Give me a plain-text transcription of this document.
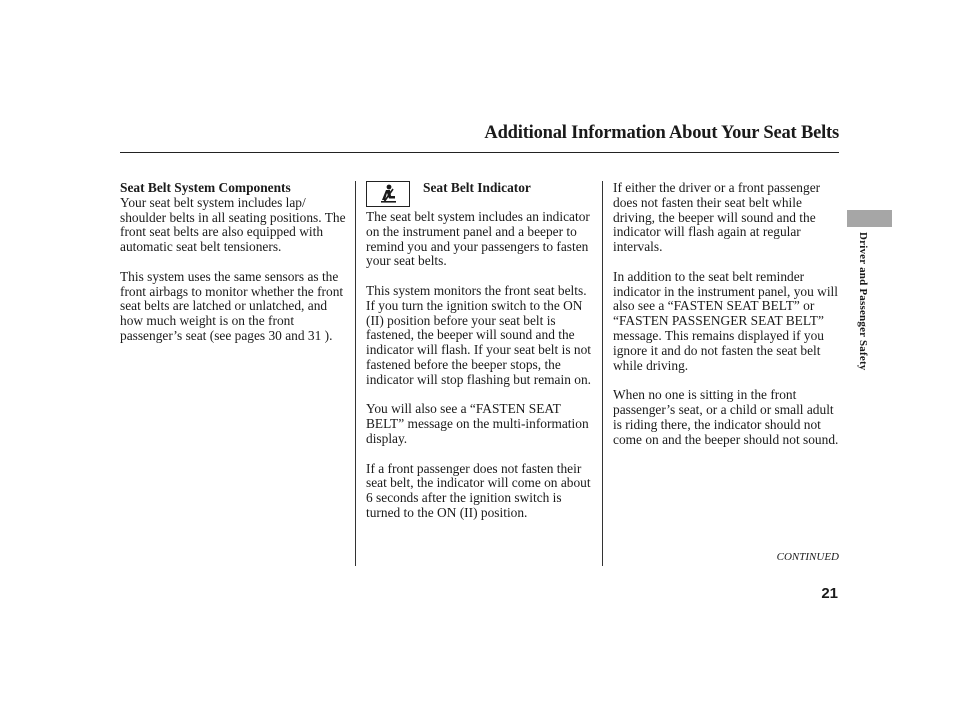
Additional Information About Your Seat Belts
Seat Belt System Components

Your seat belt system includes lap/ shoulder belts in all seating positions. The front seat belts are also equipped with automatic seat belt tensioners.

This system uses the same sensors as the front airbags to monitor whether the front seat belts are latched or unlatched, and how much weight is on the front passenger’s seat (see pages 30 and 31 ).

Seat Belt Indicator

The seat belt system includes an indicator on the instrument panel and a beeper to remind you and your passengers to fasten your seat belts.

This system monitors the front seat belts. If you turn the ignition switch to the ON (II) position before your seat belt is fastened, the beeper will sound and the indicator will flash. If your seat belt is not fastened before the beeper stops, the indicator will stop flashing but remain on.

You will also see a “FASTEN SEAT BELT” message on the multi-information display.

If a front passenger does not fasten their seat belt, the indicator will come on about 6 seconds after the ignition switch is turned to the ON (II) position.

If either the driver or a front passenger does not fasten their seat belt while driving, the beeper will sound and the indicator will flash again at regular intervals.

In addition to the seat belt reminder indicator in the instrument panel, you will also see a “FASTEN SEAT BELT” or “FASTEN PASSENGER SEAT BELT” message. This remains displayed if you ignore it and do not fasten the seat belt while driving.

When no one is sitting in the front passenger’s seat, or a child or small adult is riding there, the indicator should not come on and the beeper should not sound.

Driver and Passenger Safety
CONTINUED
21
